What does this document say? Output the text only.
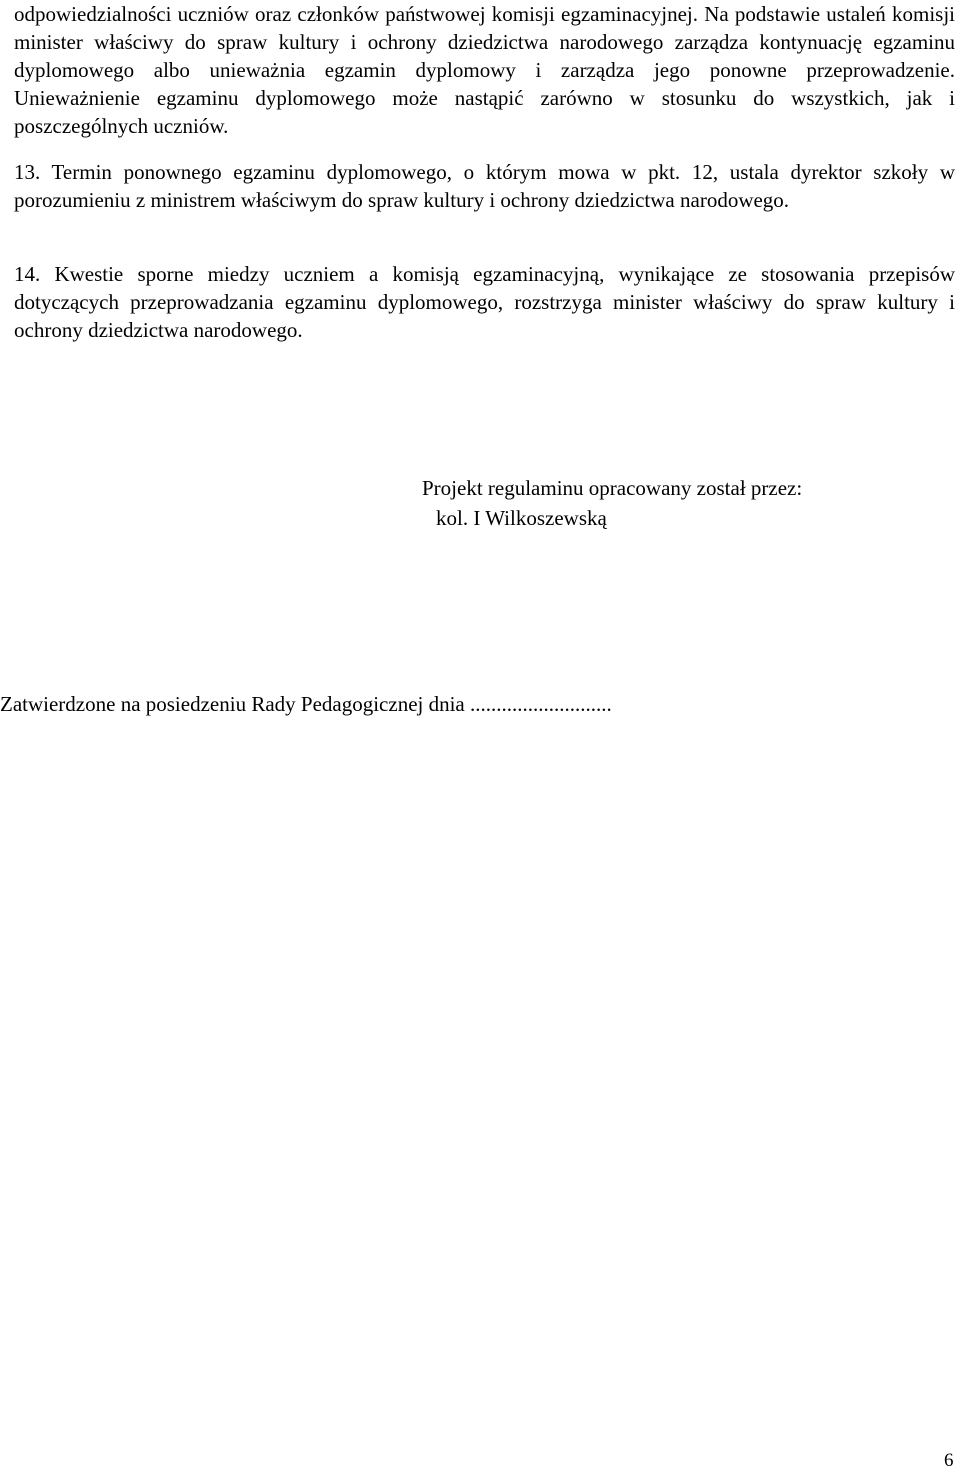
odpowiedzialności uczniów oraz członków państwowej komisji egzaminacyjnej. Na podstawie ustaleń komisji minister właściwy do spraw kultury i ochrony dziedzictwa narodowego zarządza kontynuację egzaminu dyplomowego albo unieważnia egzamin dyplomowy i zarządza jego ponowne przeprowadzenie. Unieważnienie egzaminu dyplomowego może nastąpić zarówno w stosunku do wszystkich, jak i poszczególnych uczniów.

13. Termin ponownego egzaminu dyplomowego, o którym mowa w pkt. 12, ustala dyrektor szkoły w porozumieniu z ministrem właściwym do spraw kultury i ochrony dziedzictwa narodowego.

14. Kwestie sporne miedzy uczniem a komisją egzaminacyjną, wynikające ze stosowania przepisów dotyczących przeprowadzania egzaminu dyplomowego, rozstrzyga minister właściwy do spraw kultury i ochrony dziedzictwa narodowego.

Projekt regulaminu opracowany został przez:

kol. I Wilkoszewską

Zatwierdzone na posiedzeniu Rady Pedagogicznej dnia ...........................

6
